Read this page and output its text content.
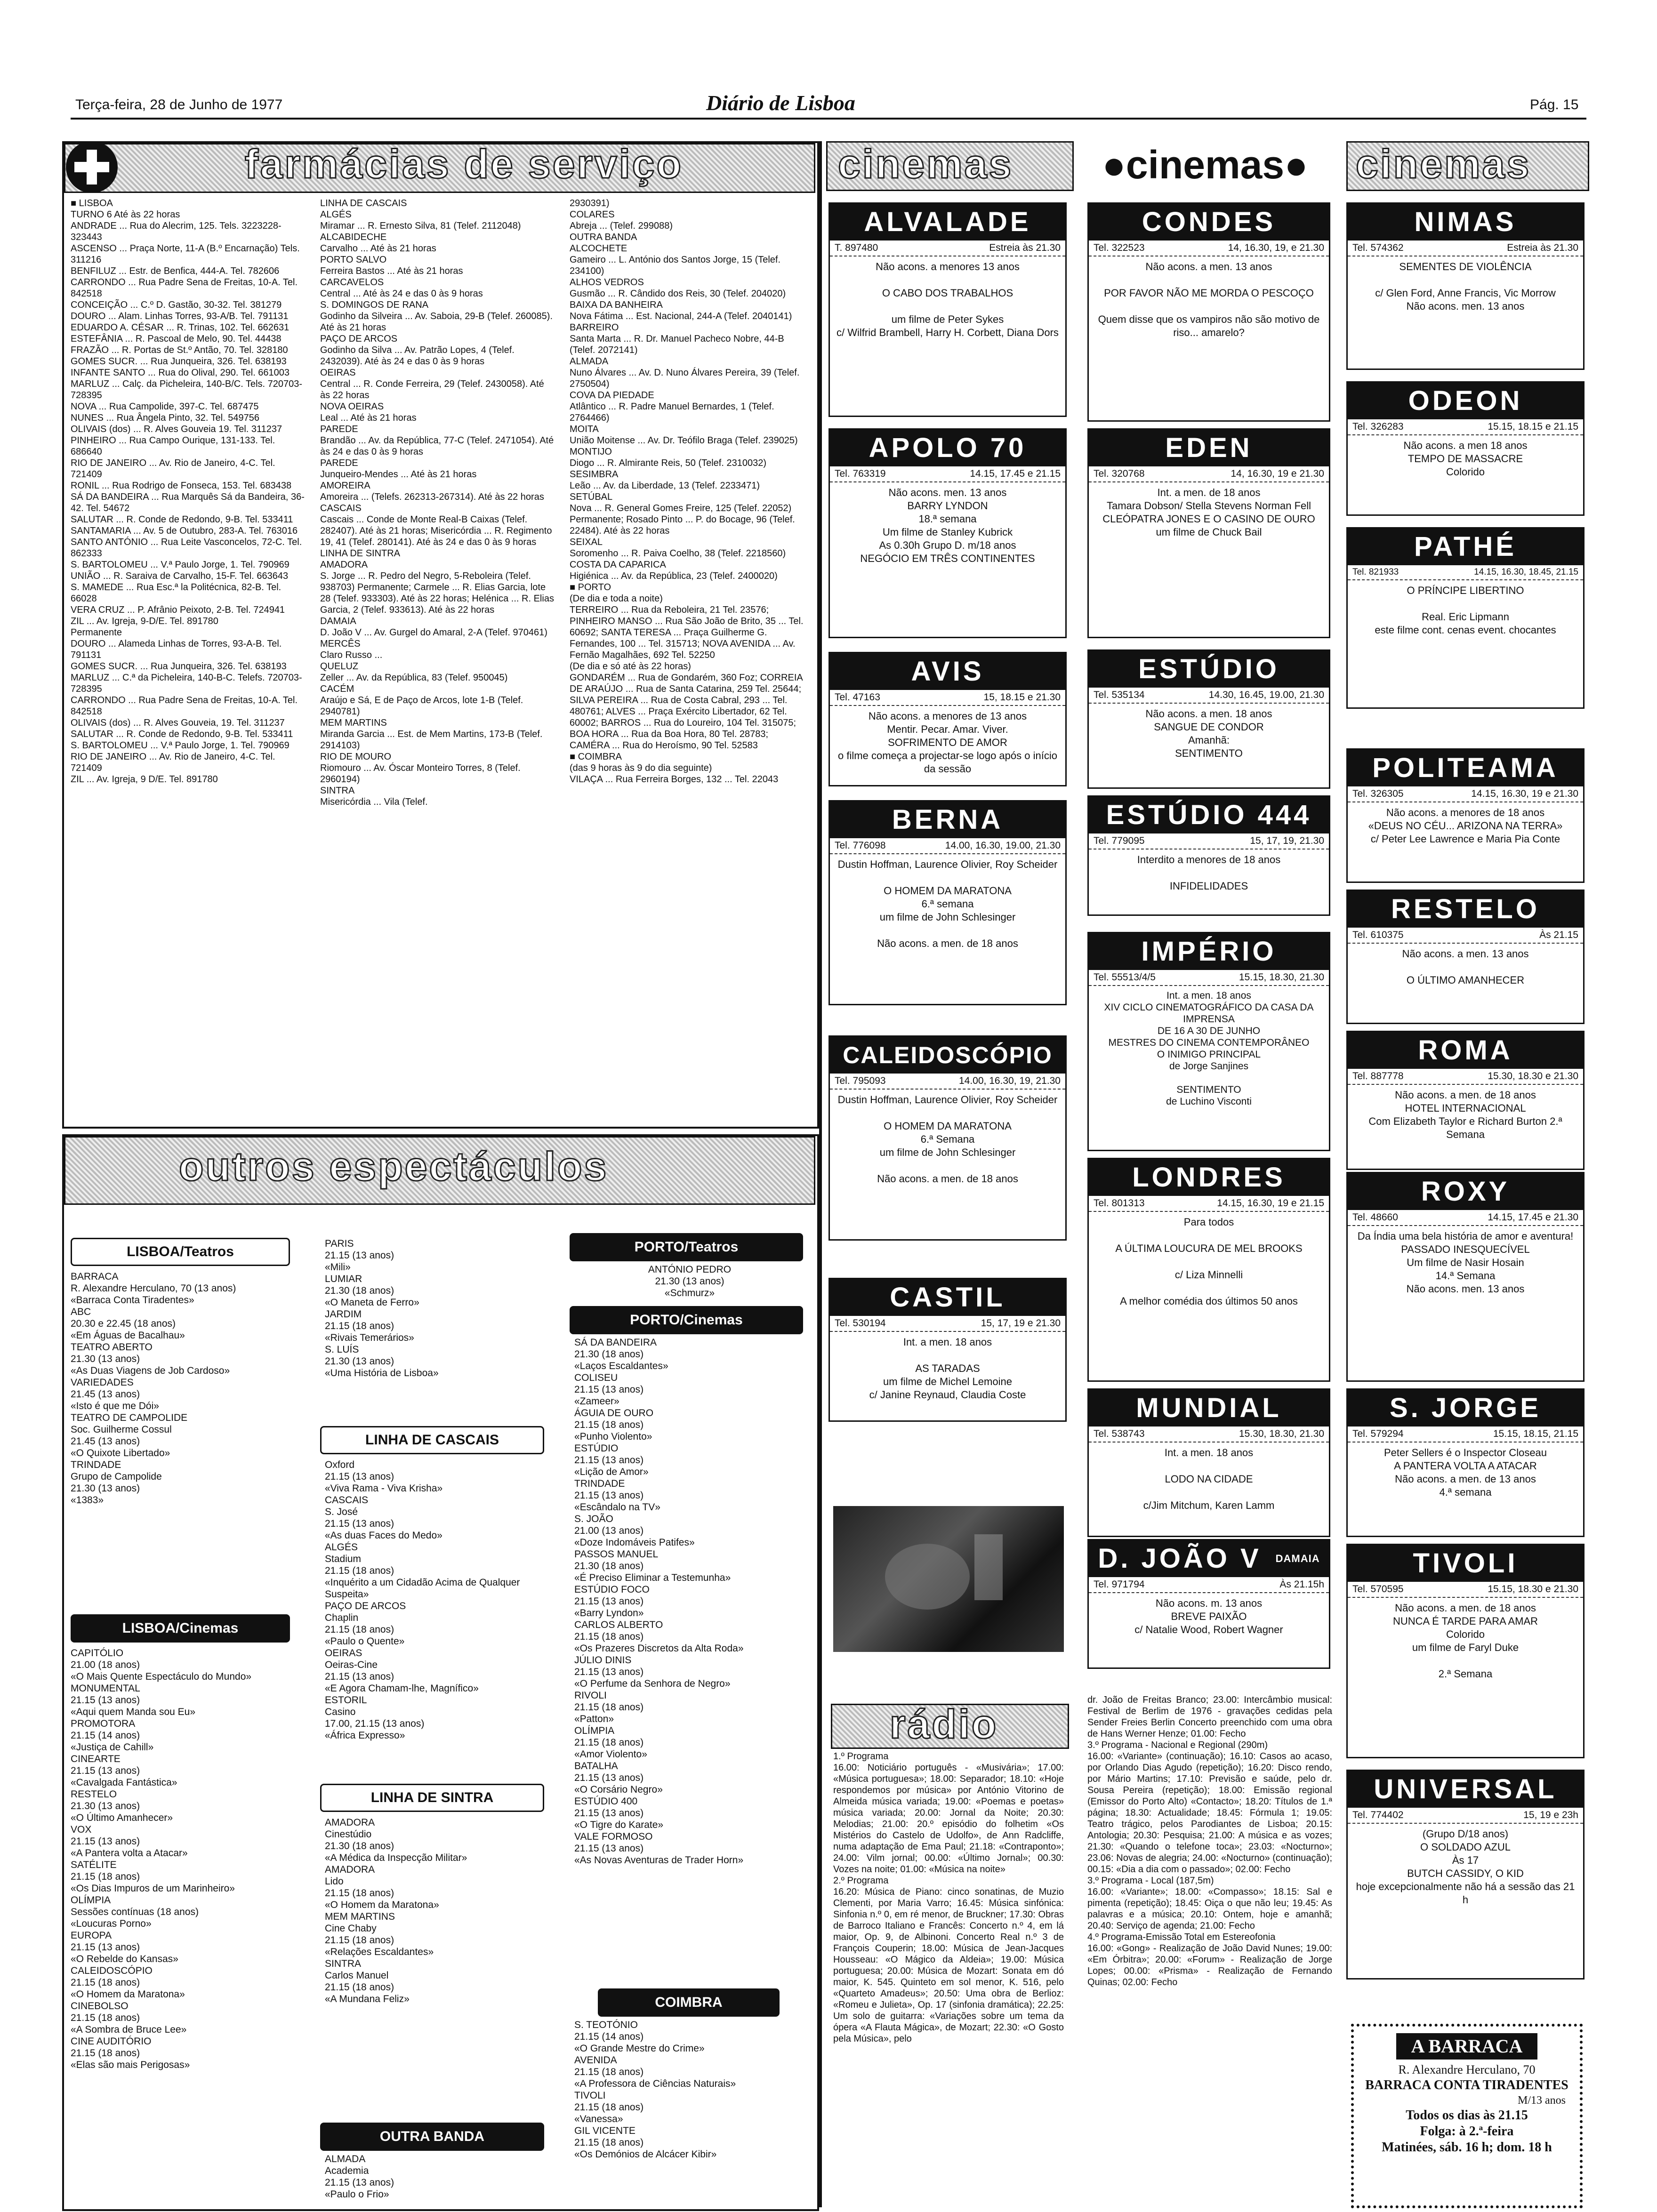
Terça-feira, 28 de Junho de 1977	Diário de Lisboa	Pág. 15
farmácias de serviço
■ LISBOA
TURNO 6 Até às 22 horas
ANDRADE ... Rua do Alecrim, 125. Tels. 3223228-323443
ASCENSO ... Praça Norte, 11-A (B.º Encarnação) Tels. 311216
BENFILUZ ... Estr. de Benfica, 444-A. Tel. 782606
CARRONDO ... Rua Padre Sena de Freitas, 10-A. Tel. 842518
CONCEIÇÃO ... C.º D. Gastão, 30-32. Tel. 381279
DOURO ... Alam. Linhas Torres, 93-A/B. Tel. 791131
EDUARDO A. CÉSAR ... R. Trinas, 102. Tel. 662631
ESTEFÂNIA ... R. Pascoal de Melo, 90. Tel. 44438
FRAZÃO ... R. Portas de St.º Antão, 70. Tel. 328180
GOMES SUCR. ... Rua Junqueira, 326. Tel. 638193
INFANTE SANTO ... Rua do Olival, 290. Tel. 661003
MARLUZ ... Calç. da Picheleira, 140-B/C. Tels. 720703-728395
NOVA ... Rua Campolide, 397-C. Tel. 687475
NUNES ... Rua Ângela Pinto, 32. Tel. 549756
OLIVAIS (dos) ... R. Alves Gouveia 19. Tel. 311237
PINHEIRO ... Rua Campo Ourique, 131-133. Tel. 686640
RIO DE JANEIRO ... Av. Rio de Janeiro, 4-C. Tel. 721409
RONIL ... Rua Rodrigo de Fonseca, 153. Tel. 683438
SÁ DA BANDEIRA ... Rua Marquês Sá da Bandeira, 36-42. Tel. 54672
SALUTAR ... R. Conde de Redondo, 9-B. Tel. 533411
SANTAMARIA ... Av. 5 de Outubro, 283-A. Tel. 763016
SANTO ANTÓNIO ... Rua Leite Vasconcelos, 72-C. Tel. 862333
S. BARTOLOMEU ... V.ª Paulo Jorge, 1. Tel. 790969
UNIÃO ... R. Saraiva de Carvalho, 15-F. Tel. 663643
S. MAMEDE ... Rua Esc.ª la Politécnica, 82-B. Tel. 66028
VERA CRUZ ... P. Afrânio Peixoto, 2-B. Tel. 724941
ZIL ... Av. Igreja, 9-D/E. Tel. 891780
Permanente
DOURO ... Alameda Linhas de Torres, 93-A-B. Tel. 791131
GOMES SUCR. ... Rua Junqueira, 326. Tel. 638193
MARLUZ ... C.ª da Picheleira, 140-B-C. Telefs. 720703-728395
CARRONDO ... Rua Padre Sena de Freitas, 10-A. Tel. 842518
OLIVAIS (dos) ... R. Alves Gouveia, 19. Tel. 311237
SALUTAR ... R. Conde de Redondo, 9-B. Tel. 533411
S. BARTOLOMEU ... V.ª Paulo Jorge, 1. Tel. 790969
RIO DE JANEIRO ... Av. Rio de Janeiro, 4-C. Tel. 721409
ZIL ... Av. Igreja, 9 D/E. Tel. 891780
LINHA DE CASCAIS
ALGÉS
Miramar ... R. Ernesto Silva, 81 (Telef. 2112048)
ALCABIDECHE
Carvalho ... Até às 21 horas
PORTO SALVO
Ferreira Bastos ... Até às 21 horas
CARCAVELOS
Central ... Até às 24 e das 0 às 9 horas
S. DOMINGOS DE RANA
Godinho da Silveira ... Av. Saboia, 29-B (Telef. 260085). Até às 21 horas
PAÇO DE ARCOS
Godinho da Silva ... Av. Patrão Lopes, 4 (Telef. 2432039). Até às 24 e das 0 às 9 horas
OEIRAS
Central ... R. Conde Ferreira, 29 (Telef. 2430058). Até às 22 horas
NOVA OEIRAS
Leal ... Até às 21 horas
PAREDE
Brandão ... Av. da República, 77-C (Telef. 2471054). Até às 24 e das 0 às 9 horas
PAREDE
Junqueiro-Mendes ... Até às 21 horas
AMOREIRA
Amoreira ... (Telefs. 262313-267314). Até às 22 horas
CASCAIS
Cascais ... Conde de Monte Real-B Caixas (Telef. 282407). Até às 21 horas; Misericórdia ... R. Regimento 19, 41 (Telef. 280141). Até às 24 e das 0 às 9 horas
LINHA DE SINTRA
AMADORA
S. Jorge ... R. Pedro del Negro, 5-Reboleira (Telef. 938703) Permanente; Carmele ... R. Elias Garcia, lote 28 (Telef. 933303). Até às 22 horas; Helénica ... R. Elias Garcia, 2 (Telef. 933613). Até às 22 horas
DAMAIA
D. João V ... Av. Gurgel do Amaral, 2-A (Telef. 970461)
MERCÊS
Claro Russo ...
QUELUZ
Zeller ... Av. da República, 83 (Telef. 950045)
CACÉM
Araújo e Sá, E de Paço de Arcos, lote 1-B (Telef. 2940781)
MEM MARTINS
Miranda Garcia ... Est. de Mem Martins, 173-B (Telef. 2914103)
RIO DE MOURO
Riomouro ... Av. Óscar Monteiro Torres, 8 (Telef. 2960194)
SINTRA
Misericórdia ... Vila (Telef.
2930391)
COLARES
Abreja ... (Telef. 299088)
OUTRA BANDA
ALCOCHETE
Gameiro ... L. António dos Santos Jorge, 15 (Telef. 234100)
ALHOS VEDROS
Gusmão ... R. Cândido dos Reis, 30 (Telef. 204020)
BAIXA DA BANHEIRA
Nova Fátima ... Est. Nacional, 244-A (Telef. 2040141)
BARREIRO
Santa Marta ... R. Dr. Manuel Pacheco Nobre, 44-B (Telef. 2072141)
ALMADA
Nuno Álvares ... Av. D. Nuno Álvares Pereira, 39 (Telef. 2750504)
COVA DA PIEDADE
Atlântico ... R. Padre Manuel Bernardes, 1 (Telef. 2764466)
MOITA
União Moitense ... Av. Dr. Teófilo Braga (Telef. 239025)
MONTIJO
Diogo ... R. Almirante Reis, 50 (Telef. 2310032)
SESIMBRA
Leão ... Av. da Liberdade, 13 (Telef. 2233471)
SETÚBAL
Nova ... R. General Gomes Freire, 125 (Telef. 22052) Permanente; Rosado Pinto ... P. do Bocage, 96 (Telef. 22484). Até às 22 horas
SEIXAL
Soromenho ... R. Paiva Coelho, 38 (Telef. 2218560)
COSTA DA CAPARICA
Higiénica ... Av. da República, 23 (Telef. 2400020)
■ PORTO
(De dia e toda a noite)
TERREIRO ... Rua da Reboleira, 21 Tel. 23576; PINHEIRO MANSO ... Rua São João de Brito, 35 ... Tel. 60692; SANTA TERESA ... Praça Guilherme G. Fernandes, 100 ... Tel. 315713; NOVA AVENIDA ... Av. Fernão Magalhães, 692 Tel. 52250
(De dia e só até às 22 horas)
GONDARÉM ... Rua de Gondarém, 360 Foz; CORREIA DE ARAÚJO ... Rua de Santa Catarina, 259 Tel. 25644; SILVA PEREIRA ... Rua de Costa Cabral, 293 ... Tel. 480761; ALVES ... Praça Exército Libertador, 62 Tel. 60002; BARROS ... Rua do Loureiro, 104 Tel. 315075; BOA HORA ... Rua da Boa Hora, 80 Tel. 28783; CAMÉRA ... Rua do Heroísmo, 90 Tel. 52583
■ COIMBRA
(das 9 horas às 9 do dia seguinte)
VILAÇA ... Rua Ferreira Borges, 132 ... Tel. 22043
outros espectáculos
LISBOA/Teatros
BARRACA
R. Alexandre Herculano, 70 (13 anos)
«Barraca Conta Tiradentes»
ABC
20.30 e 22.45 (18 anos)
«Em Águas de Bacalhau»
TEATRO ABERTO
21.30 (13 anos)
«As Duas Viagens de Job Cardoso»
VARIEDADES
21.45 (13 anos)
«Isto é que me Dói»
TEATRO DE CAMPOLIDE
Soc. Guilherme Cossul
21.45 (13 anos)
«O Quixote Libertado»
TRINDADE
Grupo de Campolide
21.30 (13 anos)
«1383»
LISBOA/Cinemas
CAPITÓLIO
21.00 (18 anos)
«O Mais Quente Espectáculo do Mundo»
MONUMENTAL
21.15 (13 anos)
«Aqui quem Manda sou Eu»
PROMOTORA
21.15 (14 anos)
«Justiça de Cahill»
CINEARTE
21.15 (13 anos)
«Cavalgada Fantástica»
RESTELO
21.30 (13 anos)
«O Último Amanhecer»
VOX
21.15 (13 anos)
«A Pantera volta a Atacar»
SATÉLITE
21.15 (18 anos)
«Os Dias Impuros de um Marinheiro»
OLÍMPIA
Sessões contínuas (18 anos)
«Loucuras Porno»
EUROPA
21.15 (13 anos)
«O Rebelde do Kansas»
CALEIDOSCÓPIO
21.15 (18 anos)
«O Homem da Maratona»
CINEBOLSO
21.15 (18 anos)
«A Sombra de Bruce Lee»
CINE AUDITÓRIO
21.15 (18 anos)
«Elas são mais Perigosas»
PARIS
21.15 (13 anos)
«Mili»
LUMIAR
21.30 (18 anos)
«O Maneta de Ferro»
JARDIM
21.15 (18 anos)
«Rivais Temerários»
S. LUÍS
21.30 (13 anos)
«Uma História de Lisboa»
LINHA DE CASCAIS
Oxford
21.15 (13 anos)
«Viva Rama - Viva Krisha»
CASCAIS
S. José
21.15 (13 anos)
«As duas Faces do Medo»
ALGÉS
Stadium
21.15 (18 anos)
«Inquérito a um Cidadão Acima de Qualquer Suspeita»
PAÇO DE ARCOS
Chaplin
21.15 (18 anos)
«Paulo o Quente»
OEIRAS
Oeiras-Cine
21.15 (13 anos)
«E Agora Chamam-lhe, Magnífico»
ESTORIL
Casino
17.00, 21.15 (13 anos)
«África Expresso»
LINHA DE SINTRA
AMADORA
Cinestúdio
21.30 (18 anos)
«A Médica da Inspecção Militar»
AMADORA
Lido
21.15 (18 anos)
«O Homem da Maratona»
MEM MARTINS
Cine Chaby
21.15 (18 anos)
«Relações Escaldantes»
SINTRA
Carlos Manuel
21.15 (18 anos)
«A Mundana Feliz»
OUTRA BANDA
ALMADA
Academia
21.15 (13 anos)
«Paulo o Frio»
PORTO/Teatros
ANTÓNIO PEDRO
21.30 (13 anos)
«Schmurz»
PORTO/Cinemas
SÁ DA BANDEIRA
21.30 (18 anos)
«Laços Escaldantes»
COLISEU
21.15 (13 anos)
«Zameer»
ÁGUIA DE OURO
21.15 (18 anos)
«Punho Violento»
ESTÚDIO
21.15 (13 anos)
«Lição de Amor»
TRINDADE
21.15 (13 anos)
«Escândalo na TV»
S. JOÃO
21.00 (13 anos)
«Doze Indomáveis Patifes»
PASSOS MANUEL
21.30 (18 anos)
«É Preciso Eliminar a Testemunha»
ESTÚDIO FOCO
21.15 (13 anos)
«Barry Lyndon»
CARLOS ALBERTO
21.15 (18 anos)
«Os Prazeres Discretos da Alta Roda»
JÚLIO DINIS
21.15 (13 anos)
«O Perfume da Senhora de Negro»
RIVOLI
21.15 (18 anos)
«Patton»
OLÍMPIA
21.15 (18 anos)
«Amor Violento»
BATALHA
21.15 (13 anos)
«O Corsário Negro»
ESTÚDIO 400
21.15 (13 anos)
«O Tigre do Karate»
VALE FORMOSO
21.15 (13 anos)
«As Novas Aventuras de Trader Horn»
COIMBRA
S. TEOTÓNIO
21.15 (14 anos)
«O Grande Mestre do Crime»
AVENIDA
21.15 (18 anos)
«A Professora de Ciências Naturais»
TIVOLI
21.15 (18 anos)
«Vanessa»
GIL VICENTE
21.15 (18 anos)
«Os Demónios de Alcácer Kibir»
cinemas	●cinemas●	cinemas
ALVALADE
T. 897480	Estreia às 21.30
Não acons. a menores 13 anos

O CABO DOS TRABALHOS

um filme de Peter Sykes
c/ Wilfrid Brambell, Harry H. Corbett, Diana Dors
APOLO 70
Tel. 763319	14.15, 17.45 e 21.15
Não acons. men. 13 anos
BARRY LYNDON
18.ª semana
Um filme de Stanley Kubrick
As 0.30h Grupo D. m/18 anos
NEGÓCIO EM TRÊS CONTINENTES
AVIS
Tel. 47163	15, 18.15 e 21.30
Não acons. a menores de 13 anos
Mentir. Pecar. Amar. Viver.
SOFRIMENTO DE AMOR
o filme começa a projectar-se logo após o início da sessão
BERNA
Tel. 776098	14.00, 16.30, 19.00, 21.30
Dustin Hoffman, Laurence Olivier, Roy Scheider

O HOMEM DA MARATONA
6.ª semana
um filme de John Schlesinger

Não acons. a men. de 18 anos
CALEIDOSCÓPIO
Tel. 795093	14.00, 16.30, 19, 21.30
Dustin Hoffman, Laurence Olivier, Roy Scheider

O HOMEM DA MARATONA
6.ª Semana
um filme de John Schlesinger

Não acons. a men. de 18 anos
CASTIL
Tel. 530194	15, 17, 19 e 21.30
Int. a men. 18 anos

AS TARADAS
um filme de Michel Lemoine
c/ Janine Reynaud, Claudia Coste
rádio
1.º Programa
16.00: Noticiário português - «Musivária»; 17.00: «Música portuguesa»; 18.00: Separador; 18.10: «Hoje respondemos por música» por António Vitorino de Almeida música variada; 19.00: «Poemas e poetas» música variada; 20.00: Jornal da Noite; 20.30: Melodias; 21.00: 20.º episódio do folhetim «Os Mistérios do Castelo de Udolfo», de Ann Radcliffe, numa adaptação de Ema Paul; 21.18: «Contraponto»; 24.00: Vilm jornal; 00.00: «Último Jornal»; 00.30: Vozes na noite; 01.00: «Música na noite»
2.º Programa
16.20: Música de Piano: cinco sonatinas, de Muzio Clementi, por Maria Varro; 16.45: Música sinfónica: Sinfonia n.º 0, em ré menor, de Bruckner; 17.30: Obras de Barroco Italiano e Francês: Concerto n.º 4, em lá maior, Op. 9, de Albinoni. Concerto Real n.º 3 de François Couperin; 18.00: Música de Jean-Jacques Housseau: «O Mágico da Aldeia»; 19.00: Música portuguesa; 20.00: Música de Mozart: Sonata em dó maior, K. 545. Quinteto em sol menor, K. 516, pelo «Quarteto Amadeus»; 20.50: Uma obra de Berlioz: «Romeu e Julieta», Op. 17 (sinfonia dramática); 22.25: Um solo de guitarra: «Variações sobre um tema da ópera «A Flauta Mágica», de Mozart; 22.30: «O Gosto pela Música», pelo
CONDES
Tel. 322523	14, 16.30, 19, e 21.30
Não acons. a men. 13 anos

POR FAVOR NÃO ME MORDA O PESCOÇO

Quem disse que os vampiros não são motivo de riso... amarelo?
EDEN
Tel. 320768	14, 16.30, 19 e 21.30
Int. a men. de 18 anos
Tamara Dobson/ Stella Stevens Norman Fell
CLEÓPATRA JONES E O CASINO DE OURO
um filme de Chuck Bail
ESTÚDIO
Tel. 535134	14.30, 16.45, 19.00, 21.30
Não acons. a men. 18 anos
SANGUE DE CONDOR
Amanhã:
SENTIMENTO
ESTÚDIO 444
Tel. 779095	15, 17, 19, 21.30
Interdito a menores de 18 anos

INFIDELIDADES
IMPÉRIO
Tel. 55513/4/5	15.15, 18.30, 21.30
Int. a men. 18 anos
XIV CICLO CINEMATOGRÁFICO DA CASA DA IMPRENSA
DE 16 A 30 DE JUNHO
MESTRES DO CINEMA CONTEMPORÂNEO
O INIMIGO PRINCIPAL
de Jorge Sanjines

SENTIMENTO
de Luchino Visconti
LONDRES
Tel. 801313	14.15, 16.30, 19 e 21.15
Para todos

A ÚLTIMA LOUCURA DE MEL BROOKS

c/ Liza Minnelli

A melhor comédia dos últimos 50 anos
MUNDIAL
Tel. 538743	15.30, 18.30, 21.30
Int. a men. 18 anos

LODO NA CIDADE

c/Jim Mitchum, Karen Lamm
D. JOÃO V DAMAIA
Tel. 971794	Às 21.15h
Não acons. m. 13 anos
BREVE PAIXÃO
c/ Natalie Wood, Robert Wagner
dr. João de Freitas Branco; 23.00: Intercâmbio musical: Festival de Berlim de 1976 - gravações cedidas pela Sender Freies Berlin Concerto preenchido com uma obra de Hans Werner Henze; 01.00: Fecho
3.º Programa - Nacional e Regional (290m)
16.00: «Variante» (continuação); 16.10: Casos ao acaso, por Orlando Dias Agudo (repetição); 16.20: Disco rendo, por Mário Martins; 17.10: Previsão e saúde, pelo dr. Sousa Pereira (repetição); 18.00: Emissão regional (Emissor do Porto Alto) «Contacto»; 18.20: Títulos de 1.ª página; 18.30: Actualidade; 18.45: Fórmula 1; 19.05: Teatro trágico, pelos Parodiantes de Lisboa; 20.15: Antologia; 20.30: Pesquisa; 21.00: A música e as vozes; 21.30: «Quando o telefone toca»; 23.03: «Nocturno»; 23.06: Novas de alegria; 24.00: «Nocturno» (continuação); 00.15: «Dia a dia com o passado»; 02.00: Fecho
3.º Programa - Local (187,5m)
16.00: «Variante»; 18.00: «Compasso»; 18.15: Sal e pimenta (repetição); 18.45: Oiça o que não leu; 19.45: As palavras e a música; 20.10: Ontem, hoje e amanhã; 20.40: Serviço de agenda; 21.00: Fecho
4.º Programa-Emissão Total em Estereofonia
16.00: «Gong» - Realização de João David Nunes; 19.00: «Em Órbitra»; 20.00: «Forum» - Realização de Jorge Lopes; 00.00: «Prisma» - Realização de Fernando Quinas; 02.00: Fecho
NIMAS
Tel. 574362	Estreia às 21.30
SEMENTES DE VIOLÊNCIA

c/ Glen Ford, Anne Francis, Vic Morrow
Não acons. men. 13 anos
ODEON
Tel. 326283	15.15, 18.15 e 21.15
Não acons. a men 18 anos
TEMPO DE MASSACRE
Colorido
PATHÉ
Tel. 821933	14.15, 16.30, 18.45, 21.15
O PRÍNCIPE LIBERTINO

Real. Eric Lipmann
este filme cont. cenas event. chocantes
POLITEAMA
Tel. 326305	14.15, 16.30, 19 e 21.30
Não acons. a menores de 18 anos
«DEUS NO CÉU... ARIZONA NA TERRA»
c/ Peter Lee Lawrence e Maria Pia Conte
RESTELO
Tel. 610375	Às 21.15
Não acons. a men. 13 anos

O ÚLTIMO AMANHECER
ROMA
Tel. 887778	15.30, 18.30 e 21.30
Não acons. a men. de 18 anos
HOTEL INTERNACIONAL
Com Elizabeth Taylor e Richard Burton 2.ª Semana
ROXY
Tel. 48660	14.15, 17.45 e 21.30
Da Índia uma bela história de amor e aventura!
PASSADO INESQUECÍVEL
Um filme de Nasir Hosain
14.ª Semana
Não acons. men. 13 anos
S. JORGE
Tel. 579294	15.15, 18.15, 21.15
Peter Sellers é o Inspector Closeau
A PANTERA VOLTA A ATACAR
Não acons. a men. de 13 anos
4.ª semana
TIVOLI
Tel. 570595	15.15, 18.30 e 21.30
Não acons. a men. de 18 anos
NUNCA É TARDE PARA AMAR
Colorido
um filme de Faryl Duke

2.ª Semana
UNIVERSAL
Tel. 774402	15, 19 e 23h
(Grupo D/18 anos)
O SOLDADO AZUL
Às 17
BUTCH CASSIDY, O KID
hoje excepcionalmente não há a sessão das 21 h
A BARRACA
R. Alexandre Herculano, 70
BARRACA CONTA TIRADENTES
M/13 anos
Todos os dias às 21.15
Folga: à 2.ª-feira
Matinées, sáb. 16 h; dom. 18 h
